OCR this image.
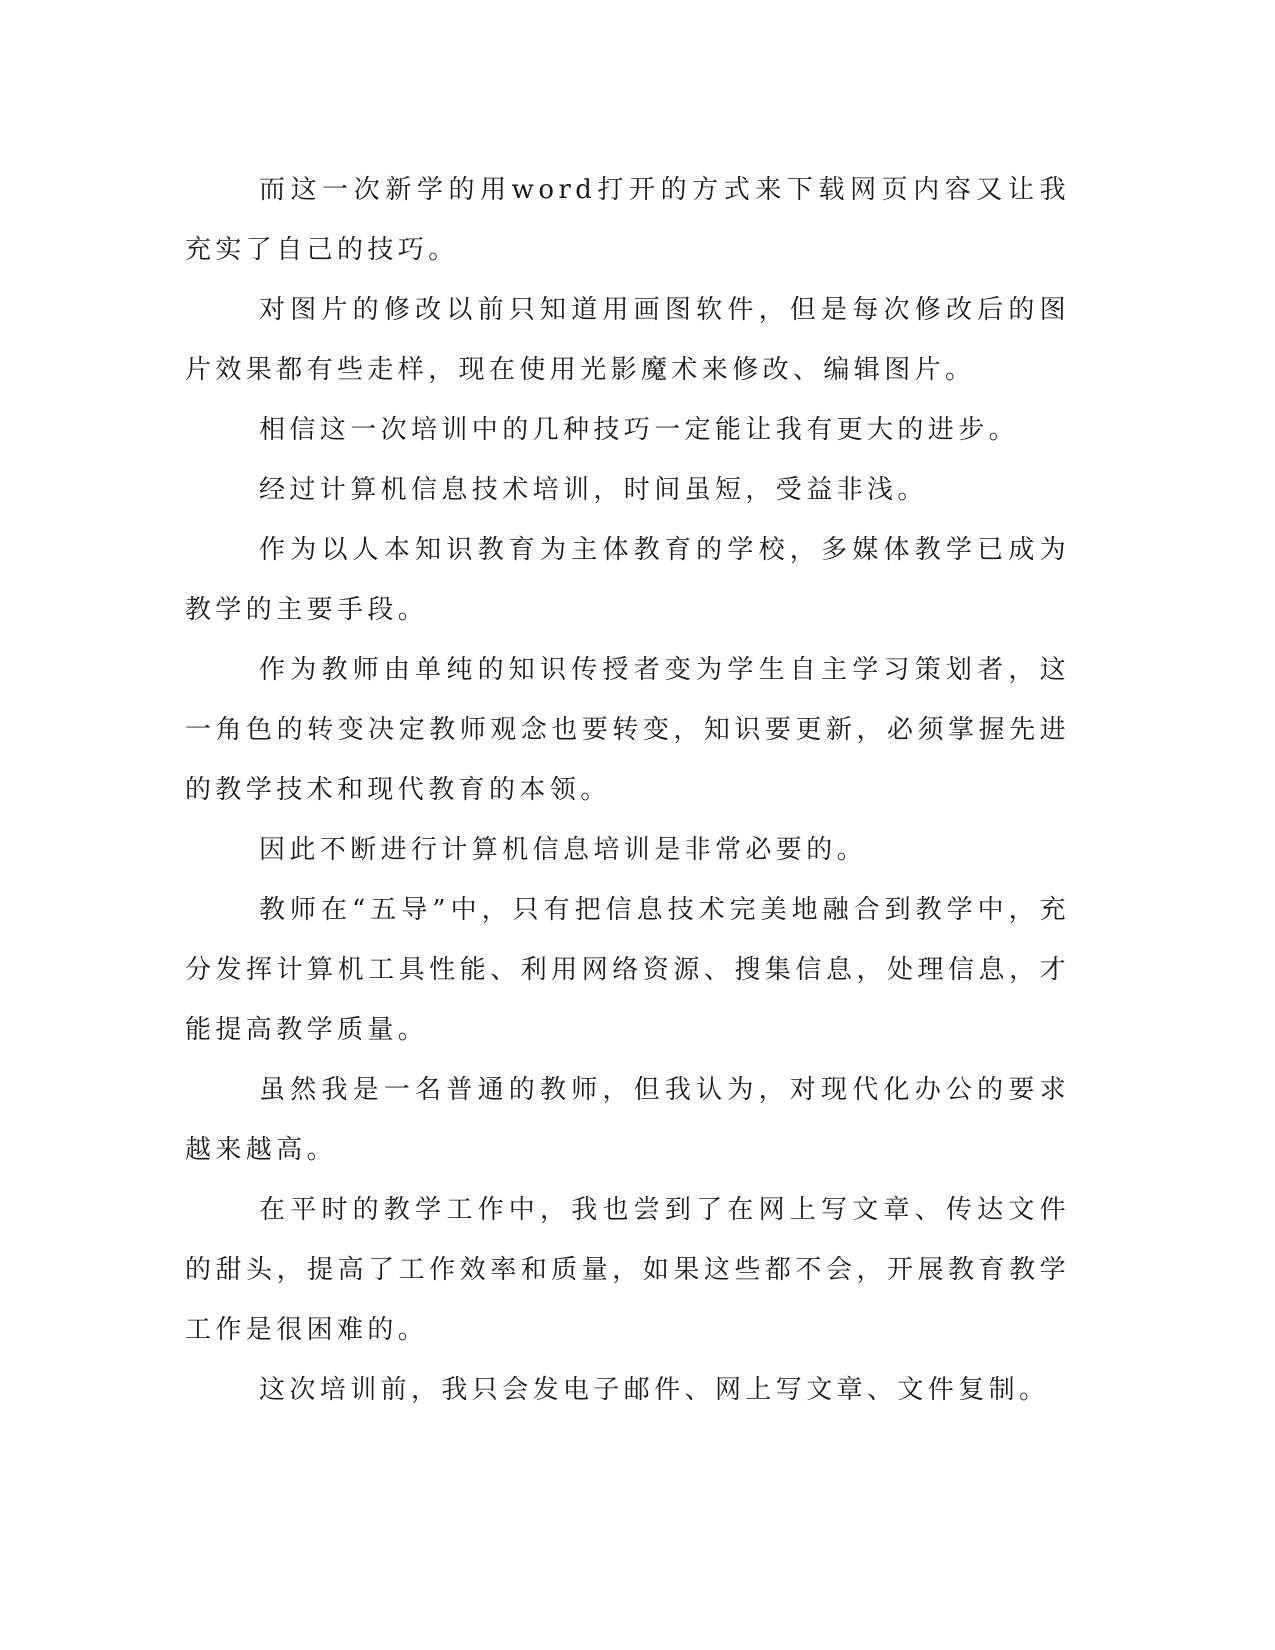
而这一次新学的用word打开的方式来下载网页内容又让我充实了自己的技巧。

对图片的修改以前只知道用画图软件，但是每次修改后的图片效果都有些走样，现在使用光影魔术来修改、编辑图片。

相信这一次培训中的几种技巧一定能让我有更大的进步。

经过计算机信息技术培训，时间虽短，受益非浅。

作为以人本知识教育为主体教育的学校，多媒体教学已成为教学的主要手段。

作为教师由单纯的知识传授者变为学生自主学习策划者，这一角色的转变决定教师观念也要转变，知识要更新，必须掌握先进的教学技术和现代教育的本领。

因此不断进行计算机信息培训是非常必要的。

教师在“五导”中，只有把信息技术完美地融合到教学中，充分发挥计算机工具性能、利用网络资源、搜集信息，处理信息，才能提高教学质量。

虽然我是一名普通的教师，但我认为，对现代化办公的要求越来越高。

在平时的教学工作中，我也尝到了在网上写文章、传达文件的甜头，提高了工作效率和质量，如果这些都不会，开展教育教学工作是很困难的。

这次培训前，我只会发电子邮件、网上写文章、文件复制。
